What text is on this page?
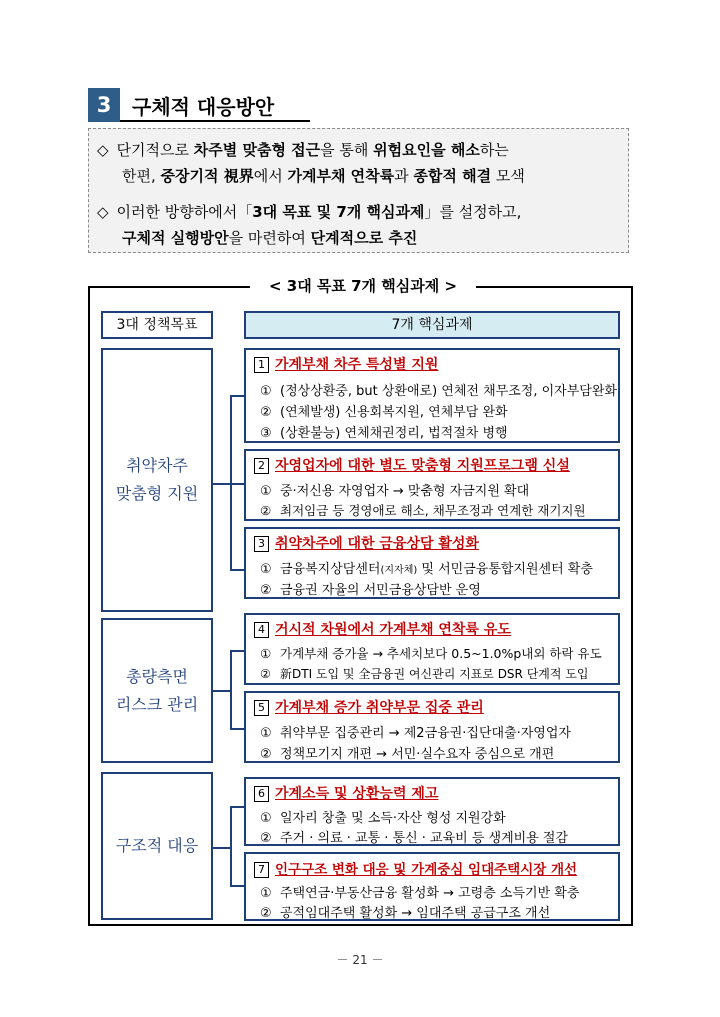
3	구체적 대응방안
◇ 단기적으로 차주별 맞춤형 접근을 통해 위험요인을 해소하는
한편, 중장기적 視界에서 가계부채 연착륙과 종합적 해결 모색
◇ 이러한 방향하에서「3대 목표 및 7개 핵심과제」를 설정하고,
구체적 실행방안을 마련하여 단계적으로 추진
< 3대 목표 7개 핵심과제 >
3대 정책목표	7개 핵심과제
취약차주
맞춤형 지원
총량측면
리스크 관리
구조적 대응
1 가계부채 차주 특성별 지원
① (정상상환중, but 상환애로) 연체전 채무조정, 이자부담완화
② (연체발생) 신용회복지원, 연체부담 완화
③ (상환불능) 연체채권정리, 법적절차 병행
2 자영업자에 대한 별도 맞춤형 지원프로그램 신설
① 중·저신용 자영업자 → 맞춤형 자금지원 확대
② 최저임금 등 경영애로 해소, 채무조정과 연계한 재기지원
3 취약차주에 대한 금융상담 활성화
① 금융복지상담센터(지자체) 및 서민금융통합지원센터 확충
② 금융권 자율의 서민금융상담반 운영
4 거시적 차원에서 가계부채 연착륙 유도
① 가계부채 증가율 → 추세치보다 0.5~1.0%p내외 하락 유도
② 新DTI 도입 및 全금융권 여신관리 지표로 DSR 단계적 도입
5 가계부채 증가 취약부문 집중 관리
① 취약부문 집중관리 → 제2금융권·집단대출·자영업자
② 정책모기지 개편 → 서민·실수요자 중심으로 개편
6 가계소득 및 상환능력 제고
① 일자리 창출 및 소득·자산 형성 지원강화
② 주거 · 의료 · 교통 · 통신 · 교육비 등 생계비용 절감
7 인구구조 변화 대응 및 가계중심 임대주택시장 개선
① 주택연금·부동산금융 활성화 → 고령층 소득기반 확충
② 공적임대주택 활성화 → 임대주택 공급구조 개선
－ 21 －
